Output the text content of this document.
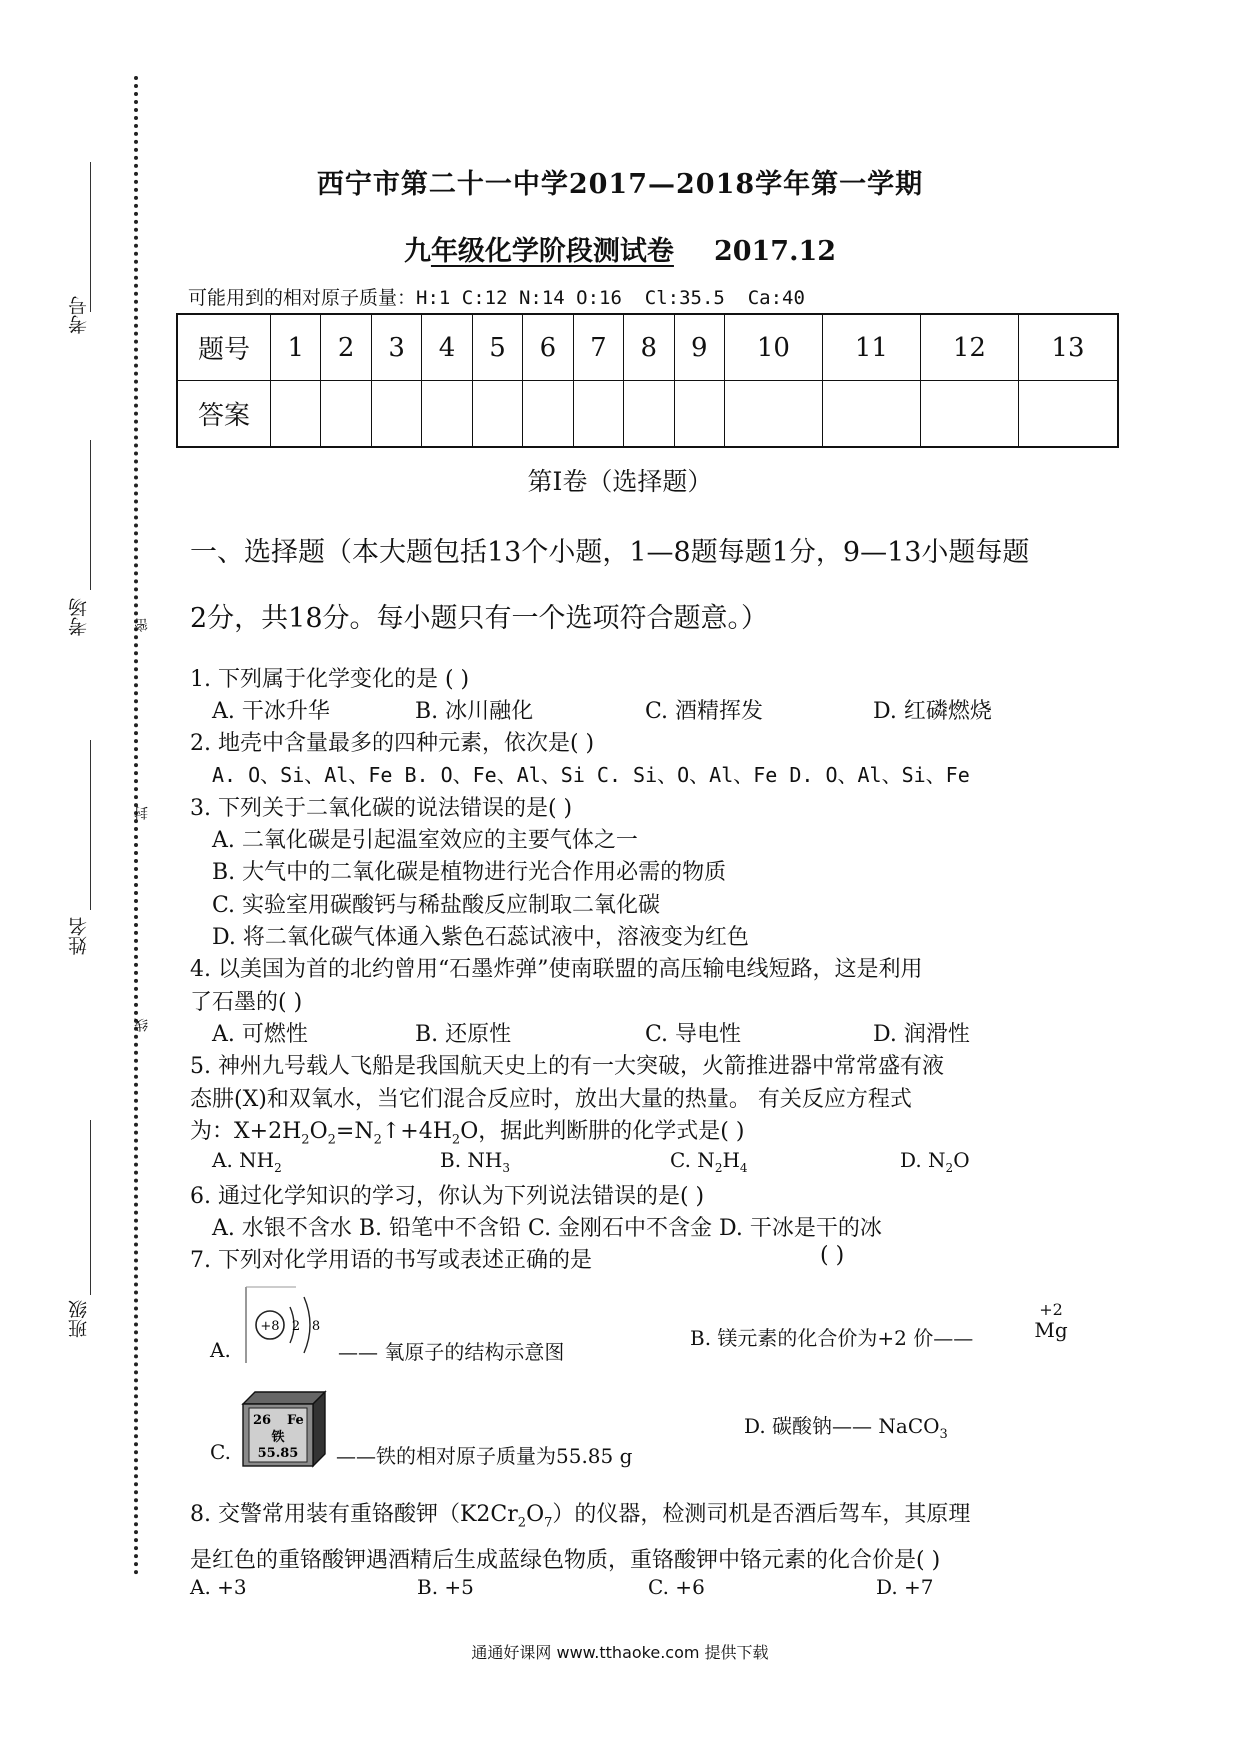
考号
考场	密
封
姓名
线
班级
西宁市第二十一中学2017—2018学年第一学期
九年级化学阶段测试卷 2017.12
可能用到的相对原子质量：H:1 C:12 N:14 O:16  Cl:35.5  Ca:40
题号	1	2	3	4	5	6	7	8	9	10	11	12	13
答案													
第Ⅰ卷（选择题）
一、选择题（本大题包括13个小题，1—8题每题1分，9—13小题每题
2分，共18分。每小题只有一个选项符合题意。）
1. 下列属于化学变化的是 ( )
A. 干冰升华	B. 冰川融化	C. 酒精挥发	D. 红磷燃烧
2. 地壳中含量最多的四种元素，依次是( )
A. O、Si、Al、Fe B. O、Fe、Al、Si C. Si、O、Al、Fe D. O、Al、Si、Fe
3. 下列关于二氧化碳的说法错误的是( )
A. 二氧化碳是引起温室效应的主要气体之一
B. 大气中的二氧化碳是植物进行光合作用必需的物质
C. 实验室用碳酸钙与稀盐酸反应制取二氧化碳
D. 将二氧化碳气体通入紫色石蕊试液中，溶液变为红色
4. 以美国为首的北约曾用“石墨炸弹”使南联盟的高压输电线短路，这是利用
了石墨的( )
A. 可燃性	B. 还原性	C. 导电性	D. 润滑性
5. 神州九号载人飞船是我国航天史上的有一大突破，火箭推进器中常常盛有液
态肼(X)和双氧水，当它们混合反应时，放出大量的热量。 有关反应方程式
为：$X+2H_2O_2=N_2↑+4H_2O$，据此判断肼的化学式是( )
A. $NH_2$	B. $NH_3$	C. $N_2H_4$	D. $N_2O$
6. 通过化学知识的学习，你认为下列说法错误的是( )
A. 水银不含水 B. 铅笔中不含铅 C. 金刚石中不含金 D. 干冰是干的冰
7. 下列对化学用语的书写或表述正确的是	( )
A.
+8 2 8
—— 氧原子的结构示意图
B. 镁元素的化合价为+2 价——
+2
Mg
C.
26 Fe
铁
55.85 ——铁的相对原子质量为55.85 g
D. 碳酸钠—— NaCO$_3$
8. 交警常用装有重铬酸钾$(K2Cr_2O_7)$的仪器，检测司机是否酒后驾车，其原理
是红色的重铬酸钾遇酒精后生成蓝绿色物质，重铬酸钾中铬元素的化合价是( )
A. +3	B. +5	C. +6	D. +7
通通好课网 www.tthaoke.com 提供下载
